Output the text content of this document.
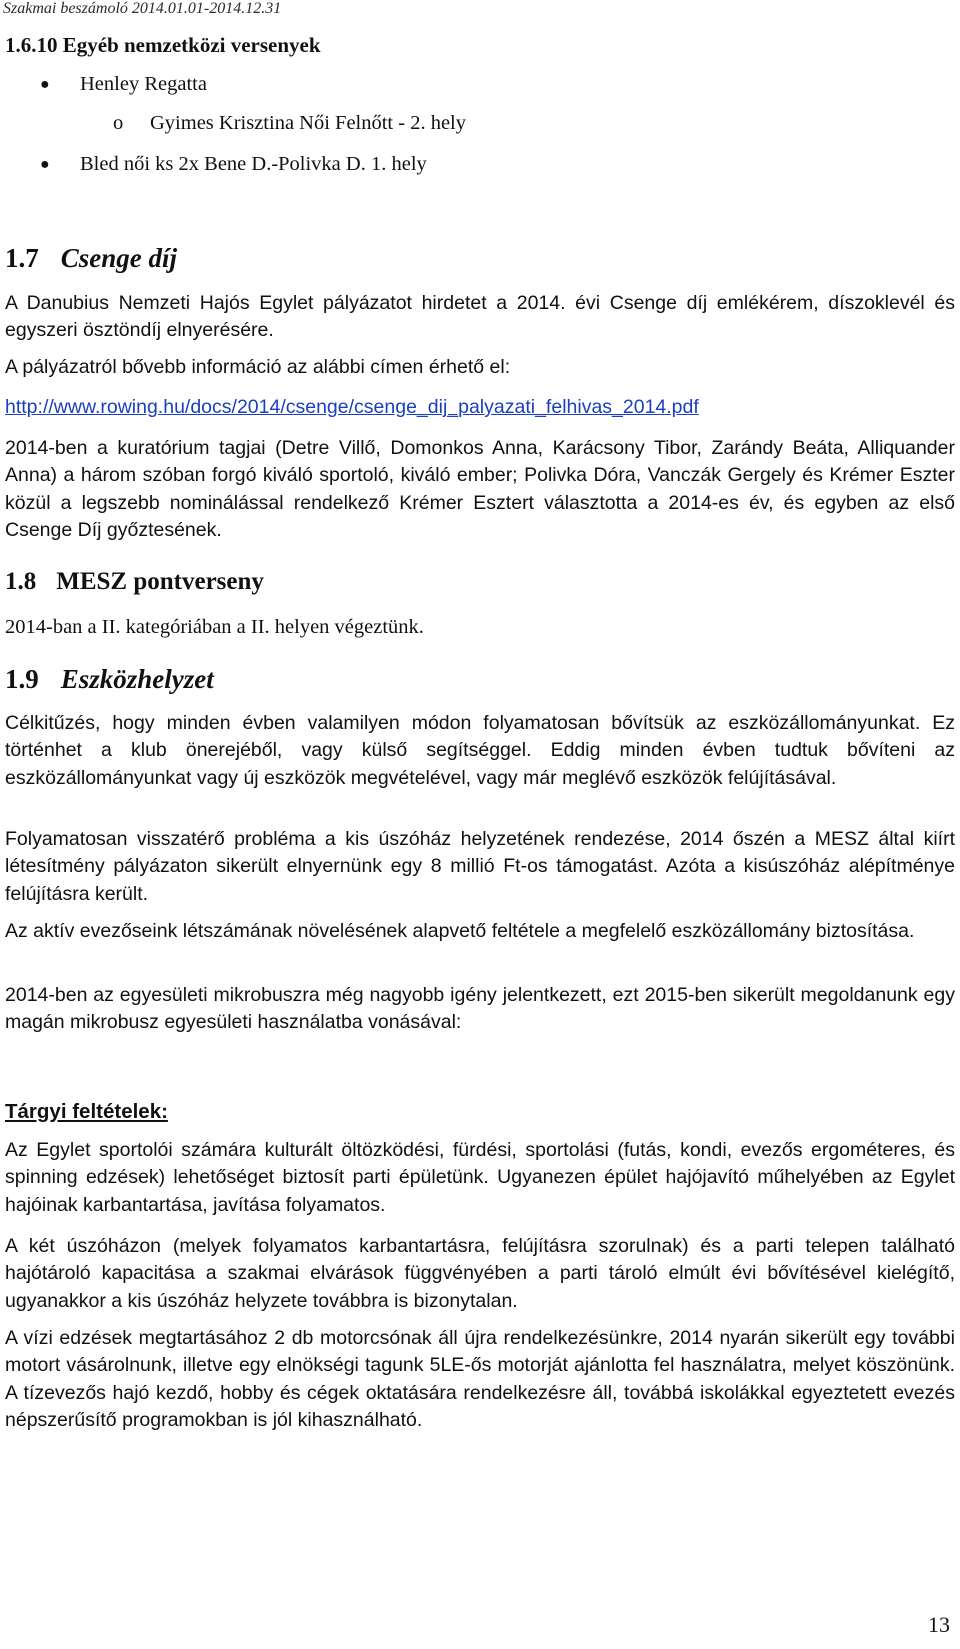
Szakmai beszámoló 2014.01.01-2014.12.31
1.6.10 Egyéb nemzetközi versenyek
● Henley Regatta
o Gyimes Krisztina Női Felnőtt - 2. hely
● Bled női ks 2x Bene D.-Polivka D. 1. hely
1.7 Csenge díj

A Danubius Nemzeti Hajós Egylet pályázatot hirdetet a 2014. évi Csenge díj emlékérem, díszoklevél és egyszeri ösztöndíj elnyerésére.

A pályázatról bővebb információ az alábbi címen érhető el:

http://www.rowing.hu/docs/2014/csenge/csenge_dij_palyazati_felhivas_2014.pdf

2014-ben a kuratórium tagjai (Detre Villő, Domonkos Anna, Karácsony Tibor, Zarándy Beáta, Alliquander Anna) a három szóban forgó kiváló sportoló, kiváló ember; Polivka Dóra, Vanczák Gergely és Krémer Eszter közül a legszebb nominálással rendelkező Krémer Esztert választotta a 2014-es év, és egyben az első Csenge Díj győztesének.

1.8 MESZ pontverseny

2014-ban a II. kategóriában a II. helyen végeztünk.

1.9 Eszközhelyzet

Célkitűzés, hogy minden évben valamilyen módon folyamatosan bővítsük az eszközállományunkat. Ez történhet a klub önerejéből, vagy külső segítséggel. Eddig minden évben tudtuk bővíteni az eszközállományunkat vagy új eszközök megvételével, vagy már meglévő eszközök felújításával.

Folyamatosan visszatérő probléma a kis úszóház helyzetének rendezése, 2014 őszén a MESZ által kiírt létesítmény pályázaton sikerült elnyernünk egy 8 millió Ft-os támogatást. Azóta a kisúszóház alépítménye felújításra került.

Az aktív evezőseink létszámának növelésének alapvető feltétele a megfelelő eszközállomány biztosítása.

2014-ben az egyesületi mikrobuszra még nagyobb igény jelentkezett, ezt 2015-ben sikerült megoldanunk egy magán mikrobusz egyesületi használatba vonásával:

Tárgyi feltételek:

Az Egylet sportolói számára kulturált öltözködési, fürdési, sportolási (futás, kondi, evezős ergométeres, és spinning edzések) lehetőséget biztosít parti épületünk. Ugyanezen épület hajójavító műhelyében az Egylet hajóinak karbantartása, javítása folyamatos.

A két úszóházon (melyek folyamatos karbantartásra, felújításra szorulnak) és a parti telepen található hajótároló kapacitása a szakmai elvárások függvényében a parti tároló elmúlt évi bővítésével kielégítő, ugyanakkor a kis úszóház helyzete továbbra is bizonytalan.

A vízi edzések megtartásához 2 db motorcsónak áll újra rendelkezésünkre, 2014 nyarán sikerült egy további motort vásárolnunk, illetve egy elnökségi tagunk 5LE-ős motorját ajánlotta fel használatra, melyet köszönünk. A tízevezős hajó kezdő, hobby és cégek oktatására rendelkezésre áll, továbbá iskolákkal egyeztetett evezés népszerűsítő programokban is jól kihasználható.

13
